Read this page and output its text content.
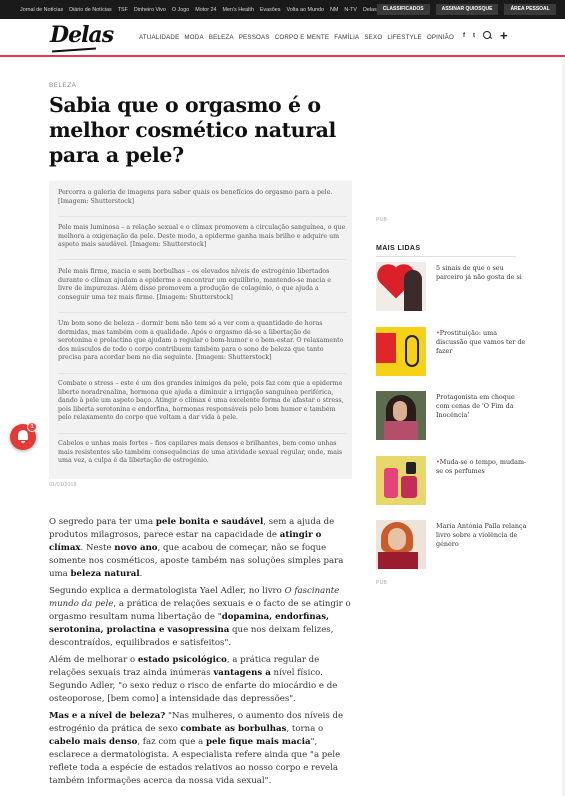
Jornal de Notícias Diário de Notícias TSF Dinheiro Vivo O Jogo Motor 24 Men's Health Evasões Volta ao Mundo NM N-TV Delas	CLASSIFICADOS	ASSINAR QUIOSQUE	ÁREA PESSOAL
Delas	ATUALIDADE MODA BELEZA PESSOAS CORPO E MENTE FAMÍLIA SEXO LIFESTYLE OPINIÃO f t +
BELEZA
Sabia que o orgasmo é o melhor cosmético natural para a pele?
Percorra a galeria de imagens para saber quais os benefícios do orgasmo para a pele. [Imagem: Shutterstock]
Pele mais luminosa – a relação sexual e o clímax promovem a circulação sanguínea, o que melhora a oxigenação da pele. Deste modo, a epiderme ganha mais brilho e adquire um aspeto mais saudável. [Imagem: Shutterstock]
Pele mais firme, macia e sem borbulhas – os elevados níveis de estrogénio libertados durante o clímax ajudam a epiderme a encontrar um equilíbrio, mantendo-se macia e livre de impurezas. Além disso promovem a produção de colagénio, o que ajuda a conseguir uma tez mais firme. [Imagem: Shutterstock]
Um bom sono de beleza – dormir bem não tem só a ver com a quantidade de horas dormidas, mas também com a qualidade. Após o orgasmo dá-se a libertação de serotonina e prolactina que ajudam a regular o bom-humor e o bem-estar. O relaxamento dos músculos de todo o corpo contribuem também para o sono de beleza que tanto precisa para acordar bem no dia seguinte. [Imagem: Shutterstock]
Combate o stress – este é um dos grandes inimigos da pele, pois faz com que a epiderme liberte noradrenalina, hormona que ajuda a diminuir a irrigação sanguínea periférica, dando à pele um aspeto baço. Atingir o clímax é uma excelente forma de afastar o stress, pois liberta serotonina e endorfina, hormonas responsáveis pelo bom humor e também pelo relaxamento do corpo que voltam a dar vida à pele.
Cabelos e unhas mais fortes – fios capilares mais densos e brilhantes, bem como unhas mais resistentes são também consequências de uma atividade sexual regular, onde, mais uma vez, a culpa é da libertação de estrogénio.
01/01/2018
1

O segredo para ter uma pele bonita e saudável, sem a ajuda de produtos milagrosos, parece estar na capacidade de atingir o clímax. Neste novo ano, que acabou de começar, não se foque somente nos cosméticos, aposte também nas soluções simples para uma beleza natural.

Segundo explica a dermatologista Yael Adler, no livro O fascinante mundo da pele, a prática de relações sexuais e o facto de se atingir o orgasmo resultam numa libertação de "dopamina, endorfinas, serotonina, prolactina e vasopressina que nos deixam felizes, descontraídos, equilibrados e satisfeitos".

Além de melhorar o estado psicológico, a prática regular de relações sexuais traz ainda inúmeras vantagens a nível físico. Segundo Adler, "o sexo reduz o risco de enfarte do miocárdio e de osteoporose, [bem como] a intensidade das depressões".

Mas e a nível de beleza? "Nas mulheres, o aumento dos níveis de estrogénio da prática de sexo combate as borbulhas, torna o cabelo mais denso, faz com que a pele fique mais macia", esclarece a dermatologista. A especialista refere ainda que "a pele reflete toda a espécie de estados relativos ao nosso corpo e revela também informações acerca da nossa vida sexual".

PUB
MAIS LIDAS
5 sinais de que o seu parceiro já não gosta de si
•Prostituição: uma discussão que vamos ter de fazer
Protagonista em choque com cenas de 'O Fim da Inocência'
•Muda-se o tempo, mudam-se os perfumes
Maria Antónia Palla relança livro sobre a violência de género
PUB
